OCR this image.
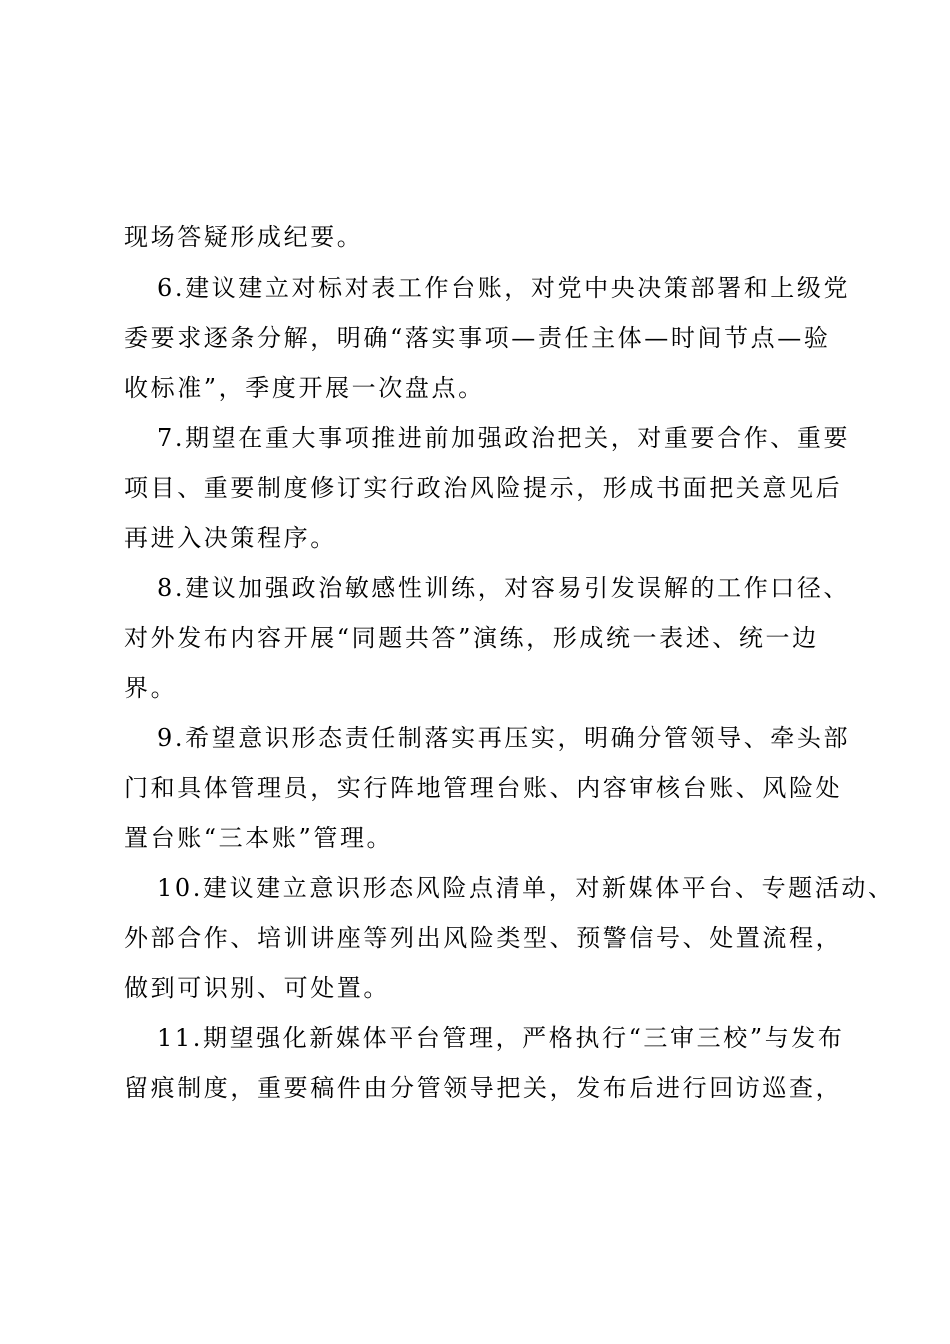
现场答疑形成纪要。
6.建议建立对标对表工作台账，对党中央决策部署和上级党
委要求逐条分解，明确“落实事项—责任主体—时间节点—验
收标准”，季度开展一次盘点。
7.期望在重大事项推进前加强政治把关，对重要合作、重要
项目、重要制度修订实行政治风险提示，形成书面把关意见后
再进入决策程序。
8.建议加强政治敏感性训练，对容易引发误解的工作口径、
对外发布内容开展“同题共答”演练，形成统一表述、统一边
界。
9.希望意识形态责任制落实再压实，明确分管领导、牵头部
门和具体管理员，实行阵地管理台账、内容审核台账、风险处
置台账“三本账”管理。
10.建议建立意识形态风险点清单，对新媒体平台、专题活动、
外部合作、培训讲座等列出风险类型、预警信号、处置流程，
做到可识别、可处置。
11.期望强化新媒体平台管理，严格执行“三审三校”与发布
留痕制度，重要稿件由分管领导把关，发布后进行回访巡查，
